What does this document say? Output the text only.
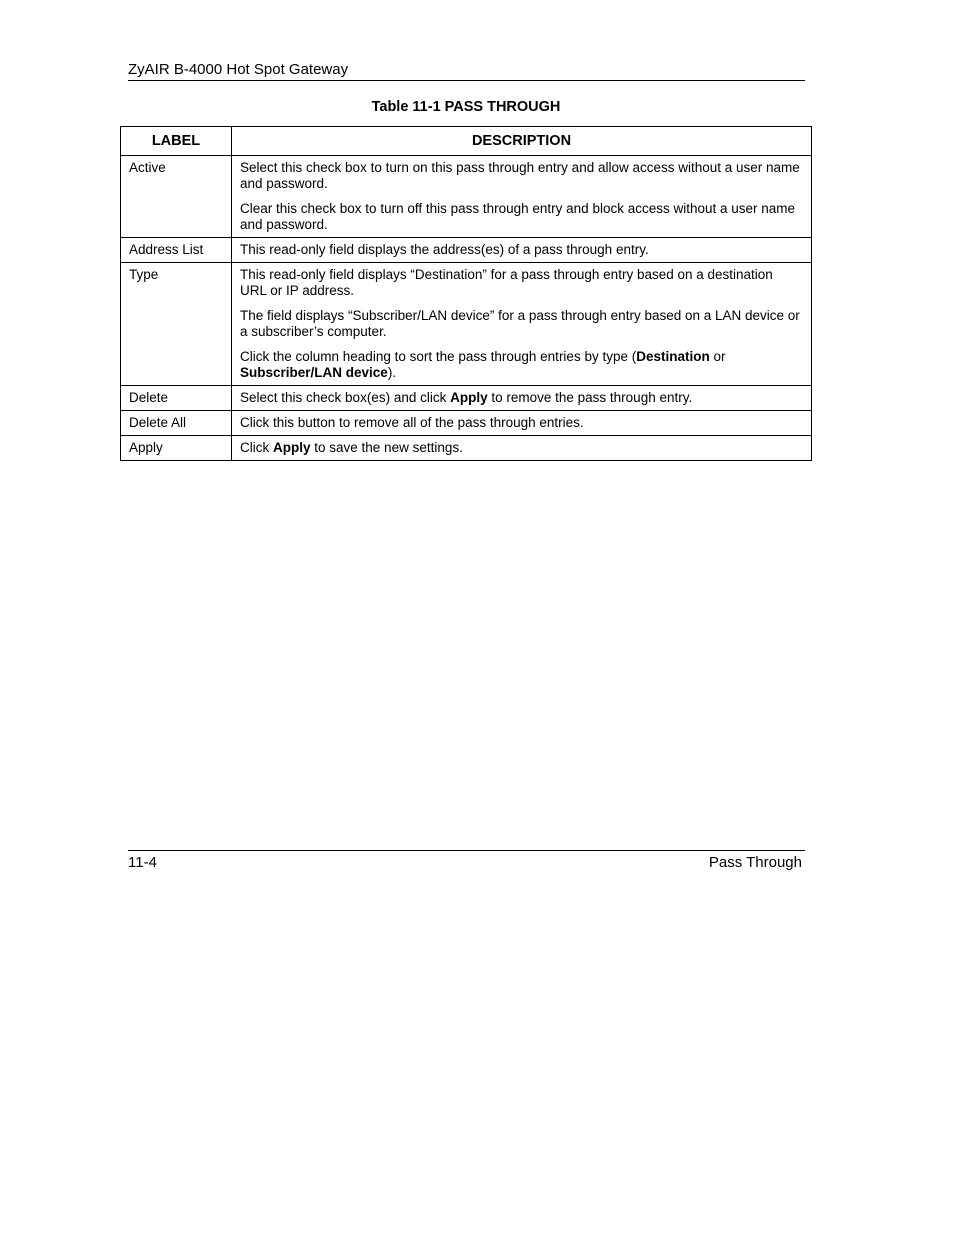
ZyAIR B-4000 Hot Spot Gateway
Table 11-1 PASS THROUGH
LABEL	DESCRIPTION
Active	Select this check box to turn on this pass through entry and allow access without a user name and password.

Clear this check box to turn off this pass through entry and block access without a user name and password.

Address List	This read-only field displays the address(es) of a pass through entry.

Type	This read-only field displays “Destination” for a pass through entry based on a destination URL or IP address.

The field displays “Subscriber/LAN device” for a pass through entry based on a LAN device or a subscriber’s computer.

Click the column heading to sort the pass through entries by type (Destination or Subscriber/LAN device).

Delete	Select this check box(es) and click Apply to remove the pass through entry.

Delete All	Click this button to remove all of the pass through entries.

Apply	Click Apply to save the new settings.

11-4	Pass Through
